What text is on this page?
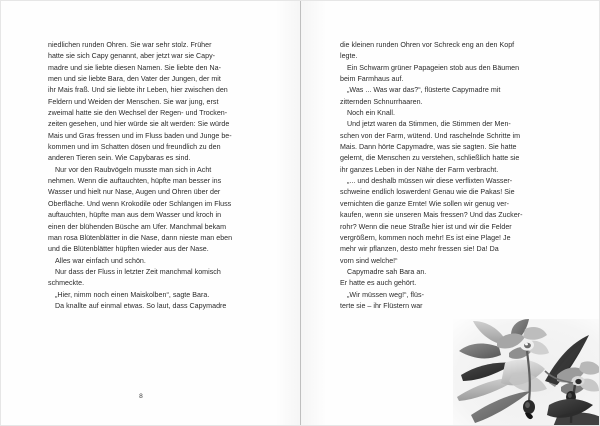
niedlichen runden Ohren. Sie war sehr stolz. Früher
hatte sie sich Capy genannt, aber jetzt war sie Capy-
madre und sie liebte diesen Namen. Sie liebte den Na-
men und sie liebte Bara, den Vater der Jungen, der mit
ihr Mais fraß. Und sie liebte ihr Leben, hier zwischen den
Feldern und Weiden der Menschen. Sie war jung, erst
zweimal hatte sie den Wechsel der Regen- und Trocken-
zeiten gesehen, und hier würde sie alt werden: Sie würde
Mais und Gras fressen und im Fluss baden und Junge be-
kommen und im Schatten dösen und freundlich zu den
anderen Tieren sein. Wie Capybaras es sind.
Nur vor den Raubvögeln musste man sich in Acht
nehmen. Wenn die auftauchten, hüpfte man besser ins
Wasser und hielt nur Nase, Augen und Ohren über der
Oberfläche. Und wenn Krokodile oder Schlangen im Fluss
auftauchten, hüpfte man aus dem Wasser und kroch in
einen der blühenden Büsche am Ufer. Manchmal bekam
man rosa Blütenblätter in die Nase, dann nieste man eben
und die Blütenblätter hüpften wieder aus der Nase.
Alles war einfach und schön.
Nur dass der Fluss in letzter Zeit manchmal komisch
schmeckte.
„Hier, nimm noch einen Maiskolben“, sagte Bara.
Da knallte auf einmal etwas. So laut, dass Capymadre
8
die kleinen runden Ohren vor Schreck eng an den Kopf
legte.
Ein Schwarm grüner Papageien stob aus den Bäumen
beim Farmhaus auf.
„Was ... Was war das?“, flüsterte Capymadre mit
zitternden Schnurrhaaren.
Noch ein Knall.
Und jetzt waren da Stimmen, die Stimmen der Men-
schen von der Farm, wütend. Und raschelnde Schritte im
Mais. Dann hörte Capymadre, was sie sagten. Sie hatte
gelernt, die Menschen zu verstehen, schließlich hatte sie
ihr ganzes Leben in der Nähe der Farm verbracht.
„... und deshalb müssen wir diese verflixten Wasser-
schweine endlich loswerden! Genau wie die Pakas! Sie
vernichten die ganze Ernte! Wie sollen wir genug ver-
kaufen, wenn sie unseren Mais fressen? Und das Zucker-
rohr? Wenn die neue Straße hier ist und wir die Felder
vergrößern, kommen noch mehr! Es ist eine Plage! Je
mehr wir pflanzen, desto mehr fressen sie! Da! Da
vorn sind welche!“
Capymadre sah Bara an.
Er hatte es auch gehört.
„Wir müssen weg!“, flüs-
terte sie – ihr Flüstern war
